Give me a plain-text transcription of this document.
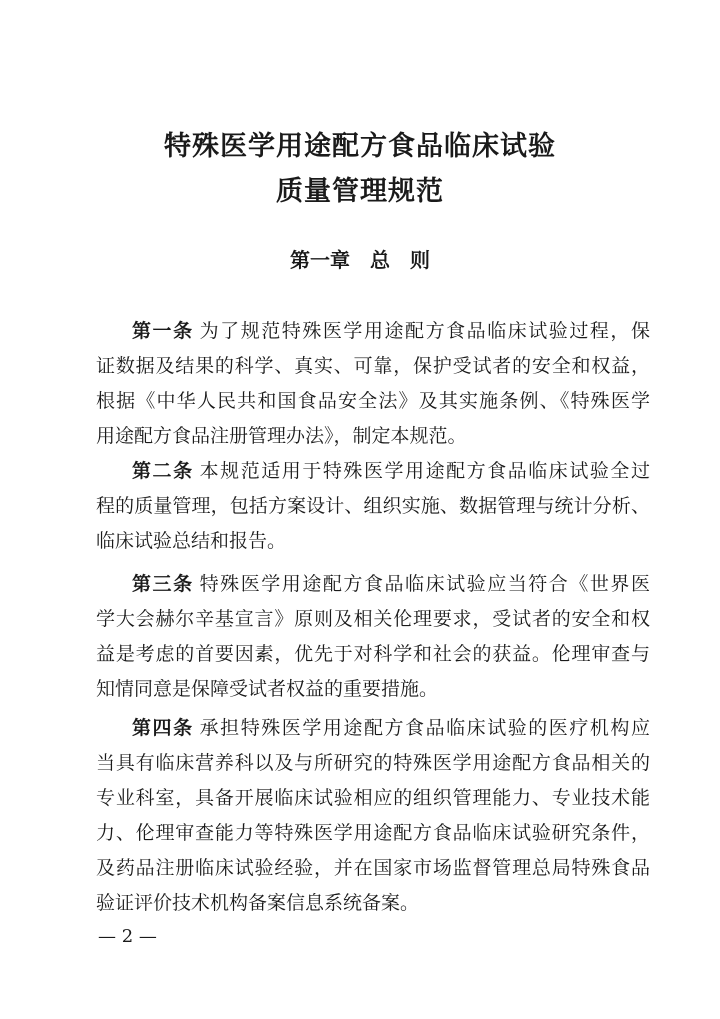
特殊医学用途配方食品临床试验
质量管理规范
第一章　总　则
第一条 为了规范特殊医学用途配方食品临床试验过程，保
证数据及结果的科学、真实、可靠，保护受试者的安全和权益，
根据《中华人民共和国食品安全法》及其实施条例、《特殊医学
用途配方食品注册管理办法》，制定本规范。
第二条 本规范适用于特殊医学用途配方食品临床试验全过
程的质量管理，包括方案设计、组织实施、数据管理与统计分析、
临床试验总结和报告。
第三条 特殊医学用途配方食品临床试验应当符合《世界医
学大会赫尔辛基宣言》原则及相关伦理要求，受试者的安全和权
益是考虑的首要因素，优先于对科学和社会的获益。伦理审查与
知情同意是保障受试者权益的重要措施。
第四条 承担特殊医学用途配方食品临床试验的医疗机构应
当具有临床营养科以及与所研究的特殊医学用途配方食品相关的
专业科室，具备开展临床试验相应的组织管理能力、专业技术能
力、伦理审查能力等特殊医学用途配方食品临床试验研究条件，
及药品注册临床试验经验，并在国家市场监督管理总局特殊食品
验证评价技术机构备案信息系统备案。
— 2 —
